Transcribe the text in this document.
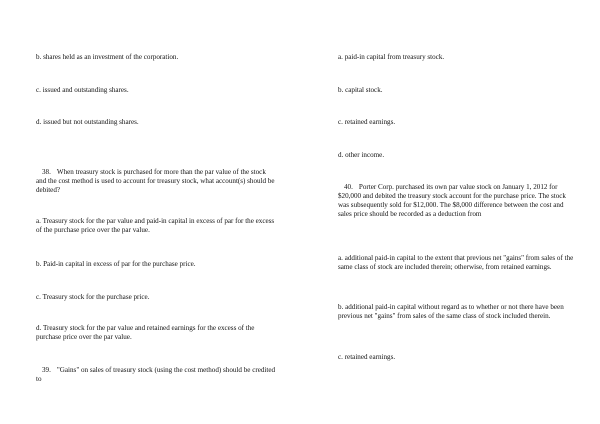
b. shares held as an investment of the corporation.

c. issued and outstanding shares.

d. issued but not outstanding shares.

38. When treasury stock is purchased for more than the par value of the stock and the cost method is used to account for treasury stock, what account(s) should be debited?

a. Treasury stock for the par value and paid-in capital in excess of par for the excess of the purchase price over the par value.

b. Paid-in capital in excess of par for the purchase price.

c. Treasury stock for the purchase price.

d. Treasury stock for the par value and retained earnings for the excess of the purchase price over the par value.

39. "Gains" on sales of treasury stock (using the cost method) should be credited to

a. paid-in capital from treasury stock.

b. capital stock.

c. retained earnings.

d. other income.

40. Porter Corp. purchased its own par value stock on January 1, 2012 for $20,000 and debited the treasury stock account for the purchase price. The stock was subsequently sold for $12,000. The $8,000 difference between the cost and sales price should be recorded as a deduction from

a. additional paid-in capital to the extent that previous net "gains" from sales of the same class of stock are included therein; otherwise, from retained earnings.

b. additional paid-in capital without regard as to whether or not there have been previous net "gains" from sales of the same class of stock included therein.

c. retained earnings.
